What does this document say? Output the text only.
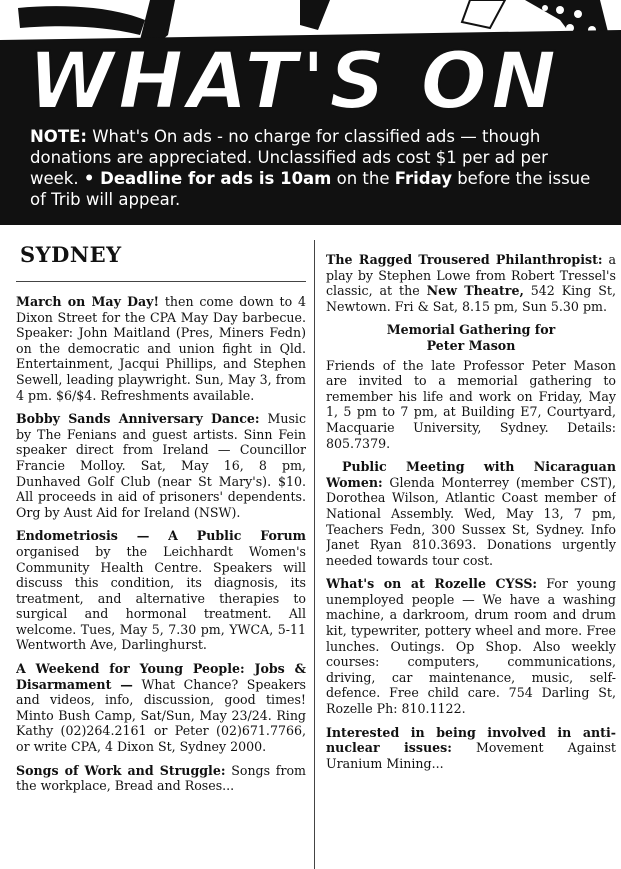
WHAT'S ON
NOTE: What's On ads - no charge for classified ads — though donations are appreciated. Unclassified ads cost $1 per ad per week. • Deadline for ads is 10am on the Friday before the issue of Trib will appear.
SYDNEY

March on May Day! then come down to 4 Dixon Street for the CPA May Day barbecue. Speaker: John Maitland (Pres, Miners Fedn) on the democratic and union fight in Qld. Entertainment, Jacqui Phillips, and Stephen Sewell, leading playwright. Sun, May 3, from 4 pm. $6/$4. Refreshments available.

Bobby Sands Anniversary Dance: Music by The Fenians and guest artists. Sinn Fein speaker direct from Ireland — Councillor Francie Molloy. Sat, May 16, 8 pm, Dunhaved Golf Club (near St Mary's). $10. All proceeds in aid of prisoners' dependents. Org by Aust Aid for Ireland (NSW).

Endometriosis — A Public Forum organised by the Leichhardt Women's Community Health Centre. Speakers will discuss this condition, its diagnosis, its treatment, and alternative therapies to surgical and hormonal treatment. All welcome. Tues, May 5, 7.30 pm, YWCA, 5-11 Wentworth Ave, Darlinghurst.

A Weekend for Young People: Jobs & Disarmament — What Chance? Speakers and videos, info, discussion, good times! Minto Bush Camp, Sat/Sun, May 23/24. Ring Kathy (02)264.2161 or Peter (02)671.7766, or write CPA, 4 Dixon St, Sydney 2000.

Songs of Work and Struggle: Songs from the workplace, Bread and Roses...

The Ragged Trousered Philanthropist: a play by Stephen Lowe from Robert Tressel's classic, at the New Theatre, 542 King St, Newtown. Fri & Sat, 8.15 pm, Sun 5.30 pm.

Memorial Gathering for
Peter Mason

Friends of the late Professor Peter Mason are invited to a memorial gathering to remember his life and work on Friday, May 1, 5 pm to 7 pm, at Building E7, Courtyard, Macquarie University, Sydney. Details: 805.7379.

Public Meeting with Nicaraguan Women: Glenda Monterrey (member CST), Dorothea Wilson, Atlantic Coast member of National Assembly. Wed, May 13, 7 pm, Teachers Fedn, 300 Sussex St, Sydney. Info Janet Ryan 810.3693. Donations urgently needed towards tour cost.

What's on at Rozelle CYSS: For young unemployed people — We have a washing machine, a darkroom, drum room and drum kit, typewriter, pottery wheel and more. Free lunches. Outings. Op Shop. Also weekly courses: computers, communications, driving, car maintenance, music, self-defence. Free child care. 754 Darling St, Rozelle Ph: 810.1122.

Interested in being involved in anti-nuclear issues: Movement Against Uranium Mining...
